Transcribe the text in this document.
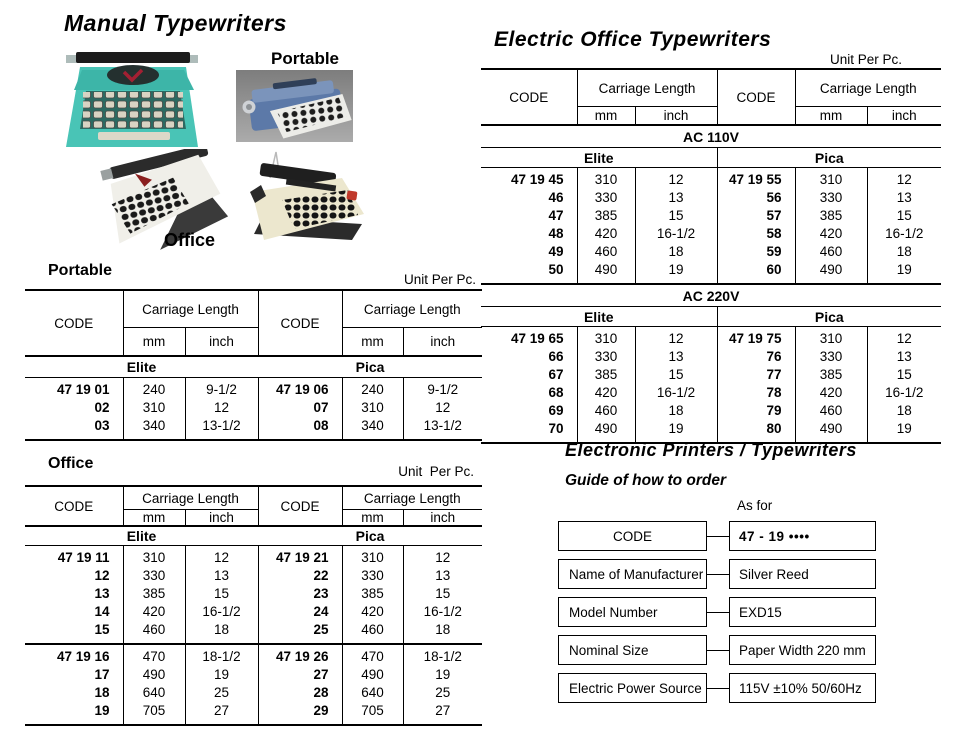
Manual Typewriters
Portable
Office
Portable
Unit Per Pc.
CODE	Carriage Length		CODE	Carriage Length	
	mm	inch		mm	inch
Elite			Pica		
47 19 01	240	9-1/2	47 19 06	240	9-1/2
02	310	12	07	310	12
03	340	13-1/2	08	340	13-1/2
Office	Unit  Per Pc.
CODE	Carriage Length		CODE	Carriage Length	
	mm	inch		mm	inch
Elite			Pica		
47 19 11	310	12	47 19 21	310	12
12	330	13	22	330	13
13	385	15	23	385	15
14	420	16-1/2	24	420	16-1/2
15	460	18	25	460	18
47 19 16	470	18-1/2	47 19 26	470	18-1/2
17	490	19	27	490	19
18	640	25	28	640	25
19	705	27	29	705	27
Electric Office Typewriters
Unit Per Pc.
CODE	Carriage Length		CODE	Carriage Length	
	mm	inch		mm	inch
AC 110V					
Elite			Pica		
47 19 45	310	12	47 19 55	310	12
46	330	13	56	330	13
47	385	15	57	385	15
48	420	16-1/2	58	420	16-1/2
49	460	18	59	460	18
50	490	19	60	490	19
AC 220V					
Elite			Pica		
47 19 65	310	12	47 19 75	310	12
66	330	13	76	330	13
67	385	15	77	385	15
68	420	16-1/2	78	420	16-1/2
69	460	18	79	460	18
70	490	19	80	490	19
Electronic Printers / Typewriters
Guide of how to order
As for
CODE	47 - 19 ••••
Name of Manufacturer	Silver Reed
Model Number	EXD15
Nominal Size	Paper Width 220 mm
Electric Power Source	115V ±10% 50/60Hz
